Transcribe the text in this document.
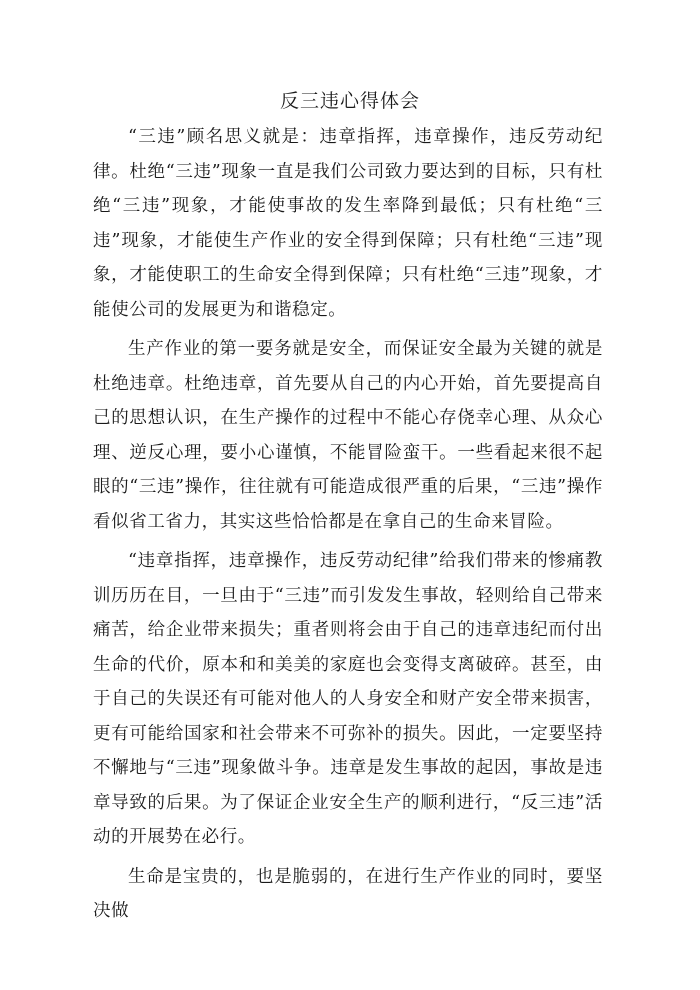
反三违心得体会

“三违”顾名思义就是：违章指挥，违章操作，违反劳动纪律。杜绝“三违”现象一直是我们公司致力要达到的目标，只有杜绝“三违”现象，才能使事故的发生率降到最低；只有杜绝“三违”现象，才能使生产作业的安全得到保障；只有杜绝“三违”现象，才能使职工的生命安全得到保障；只有杜绝“三违”现象，才能使公司的发展更为和谐稳定。

生产作业的第一要务就是安全，而保证安全最为关键的就是杜绝违章。杜绝违章，首先要从自己的内心开始，首先要提高自己的思想认识，在生产操作的过程中不能心存侥幸心理、从众心理、逆反心理，要小心谨慎，不能冒险蛮干。一些看起来很不起眼的“三违”操作，往往就有可能造成很严重的后果，“三违”操作看似省工省力，其实这些恰恰都是在拿自己的生命来冒险。

“违章指挥，违章操作，违反劳动纪律”给我们带来的惨痛教训历历在目，一旦由于“三违”而引发发生事故，轻则给自己带来痛苦，给企业带来损失；重者则将会由于自己的违章违纪而付出生命的代价，原本和和美美的家庭也会变得支离破碎。甚至，由于自己的失误还有可能对他人的人身安全和财产安全带来损害，更有可能给国家和社会带来不可弥补的损失。因此，一定要坚持不懈地与“三违”现象做斗争。违章是发生事故的起因，事故是违章导致的后果。为了保证企业安全生产的顺利进行，“反三违”活动的开展势在必行。

生命是宝贵的，也是脆弱的，在进行生产作业的同时，要坚决做
